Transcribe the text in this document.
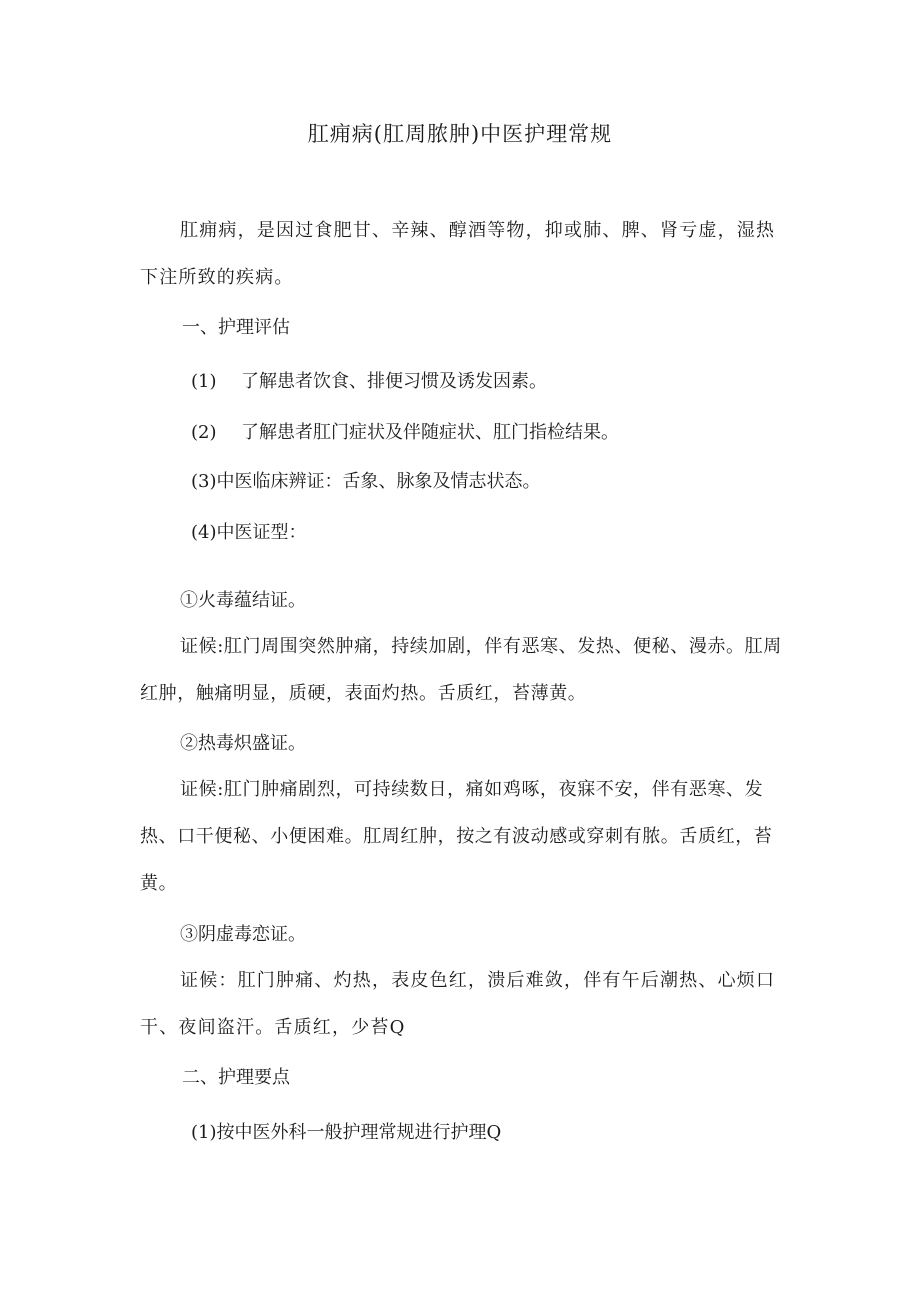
肛痈病(肛周脓肿)中医护理常规
肛痈病，是因过食肥甘、辛辣、醇酒等物，抑或肺、脾、肾亏虚，湿热下注所致的疾病。
一、护理评估
(1) 了解患者饮食、排便习惯及诱发因素。
(2) 了解患者肛门症状及伴随症状、肛门指检结果。
(3)中医临床辨证：舌象、脉象及情志状态。
(4)中医证型：
①火毒蕴结证。
证候:肛门周围突然肿痛，持续加剧，伴有恶寒、发热、便秘、漫赤。肛周红肿，触痛明显，质硬，表面灼热。舌质红，苔薄黄。
②热毒炽盛证。
证候:肛门肿痛剧烈，可持续数日，痛如鸡啄，夜寐不安，伴有恶寒、发热、口干便秘、小便困难。肛周红肿，按之有波动感或穿刺有脓。舌质红，苔黄。
③阴虚毒恋证。
证候：肛门肿痛、灼热，表皮色红，溃后难敛，伴有午后潮热、心烦口干、夜间盗汗。舌质红，少苔Q
二、护理要点
(1)按中医外科一般护理常规进行护理Q
